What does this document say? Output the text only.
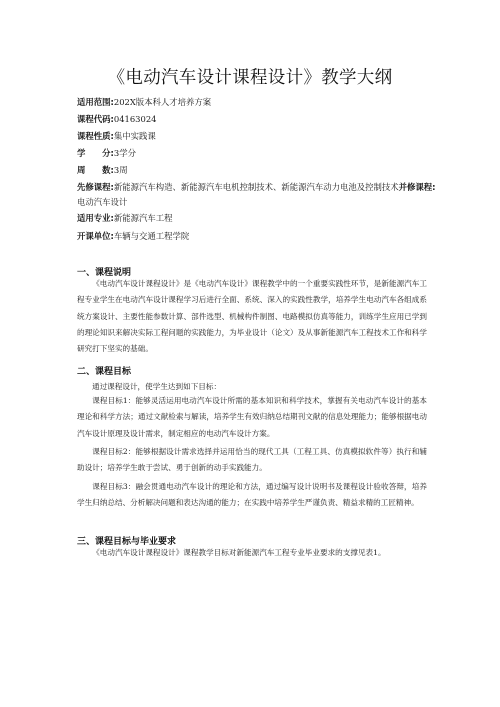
《电动汽车设计课程设计》教学大纲
适用范围:202X版本科人才培养方案
课程代码:04163024
课程性质:集中实践课
学　　分:3学分
周　　数:3周
先修课程:新能源汽车构造、新能源汽车电机控制技术、新能源汽车动力电池及控制技术并修课程:
电动汽车设计
适用专业:新能源汽车工程
开课单位:车辆与交通工程学院
一、课程说明
《电动汽车设计课程设计》是《电动汽车设计》课程教学中的一个重要实践性环节，是新能源汽车工程专业学生在电动汽车设计课程学习后进行全面、系统、深入的实践性教学，培养学生电动汽车各组成系统方案设计、主要性能参数计算、部件选型、机械构件制图、电路模拟仿真等能力，训练学生应用已学到的理论知识来解决实际工程问题的实践能力，为毕业设计（论文）及从事新能源汽车工程技术工作和科学研究打下坚实的基础。
二、课程目标
通过课程设计，使学生达到如下目标：
课程目标1：能够灵活运用电动汽车设计所需的基本知识和科学技术，掌握有关电动汽车设计的基本理论和科学方法；通过文献检索与解读，培养学生有效归纳总结期刊文献的信息处理能力；能够根据电动汽车设计原理及设计需求，制定相应的电动汽车设计方案。
课程目标2：能够根据设计需求选择并运用恰当的现代工具（工程工具、仿真模拟软件等）执行和辅助设计；培养学生敢于尝试、勇于创新的动手实践能力。
课程目标3：融会贯通电动汽车设计的理论和方法，通过编写设计说明书及课程设计验收答辩，培养学生归纳总结、分析解决问题和表达沟通的能力；在实践中培养学生严谨负责、精益求精的工匠精神。
三、课程目标与毕业要求
《电动汽车设计课程设计》课程教学目标对新能源汽车工程专业毕业要求的支撑见表1。
